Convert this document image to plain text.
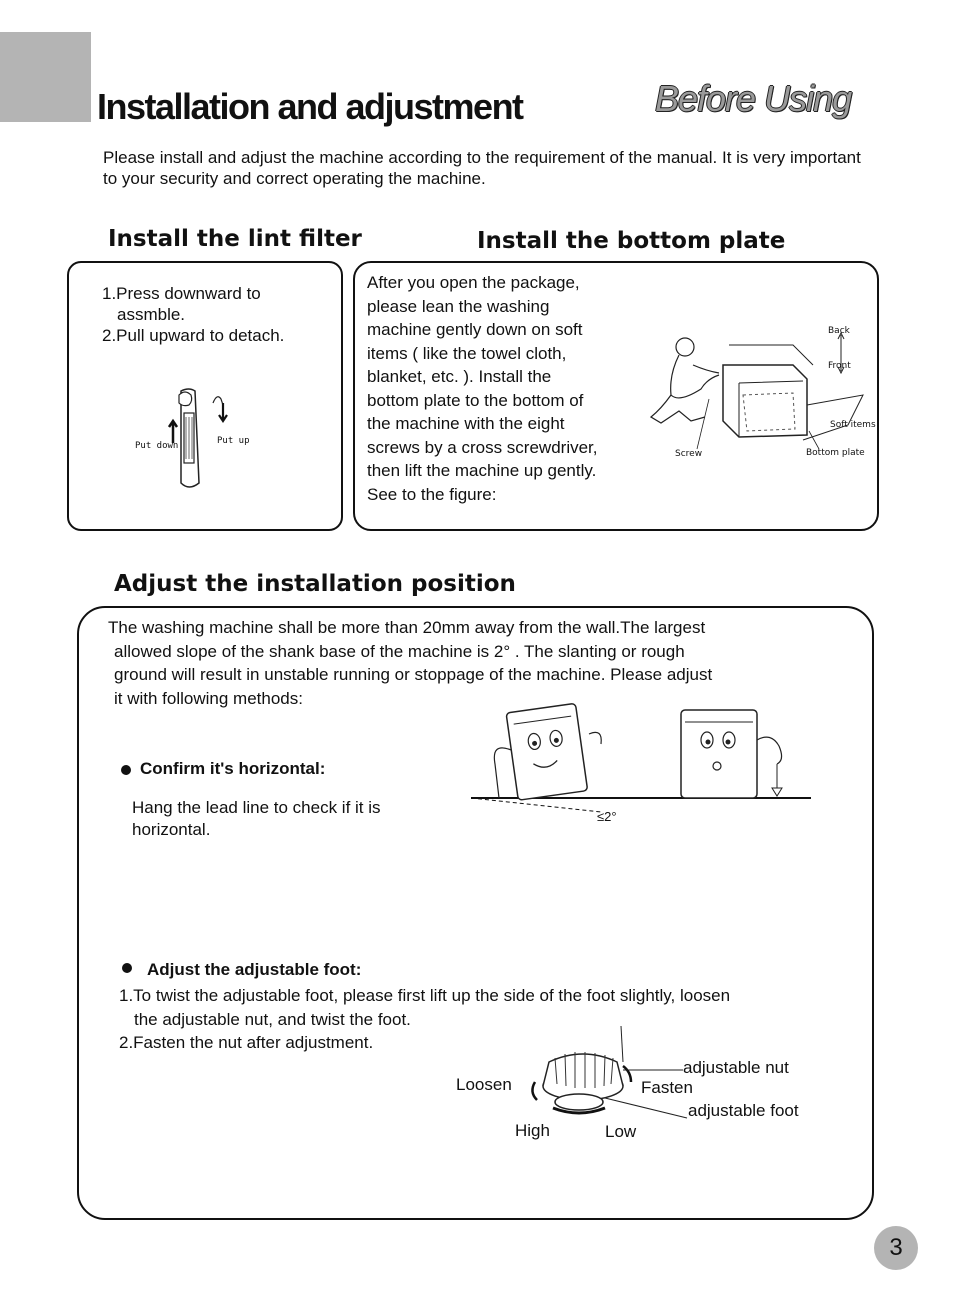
Installation and adjustment	Before Using
Please install and adjust the machine according to the requirement of the manual. It is very important to your security and correct operating the machine.
Install the lint filter
1.Press downward to
assmble.
2.Pull upward to detach.
Put down	Put up
Install the bottom plate
After you open the package,
please lean the washing
machine gently down on soft
items ( like the towel cloth,
blanket, etc. ). Install the
bottom plate to the bottom of
the machine with the eight
screws by a cross screwdriver,
then lift the machine up gently.
See to the figure:
Back
Front
Soft items
Bottom plate
Screw
Adjust the installation position
The washing machine shall be more than 20mm away from the wall.The largest
allowed slope of the shank base of the machine is 2° . The slanting or rough
ground will result in unstable running or stoppage of the machine. Please adjust
it with following methods:
Confirm it's horizontal:
Hang the lead line to check if it is
horizontal.
≤2°
Adjust the adjustable foot:
1.To twist the adjustable foot, please first lift up the side of the foot slightly, loosen
the adjustable nut, and twist the foot.
2.Fasten the nut after adjustment.
adjustable nut
Loosen	Fasten
adjustable foot
High	Low
3
